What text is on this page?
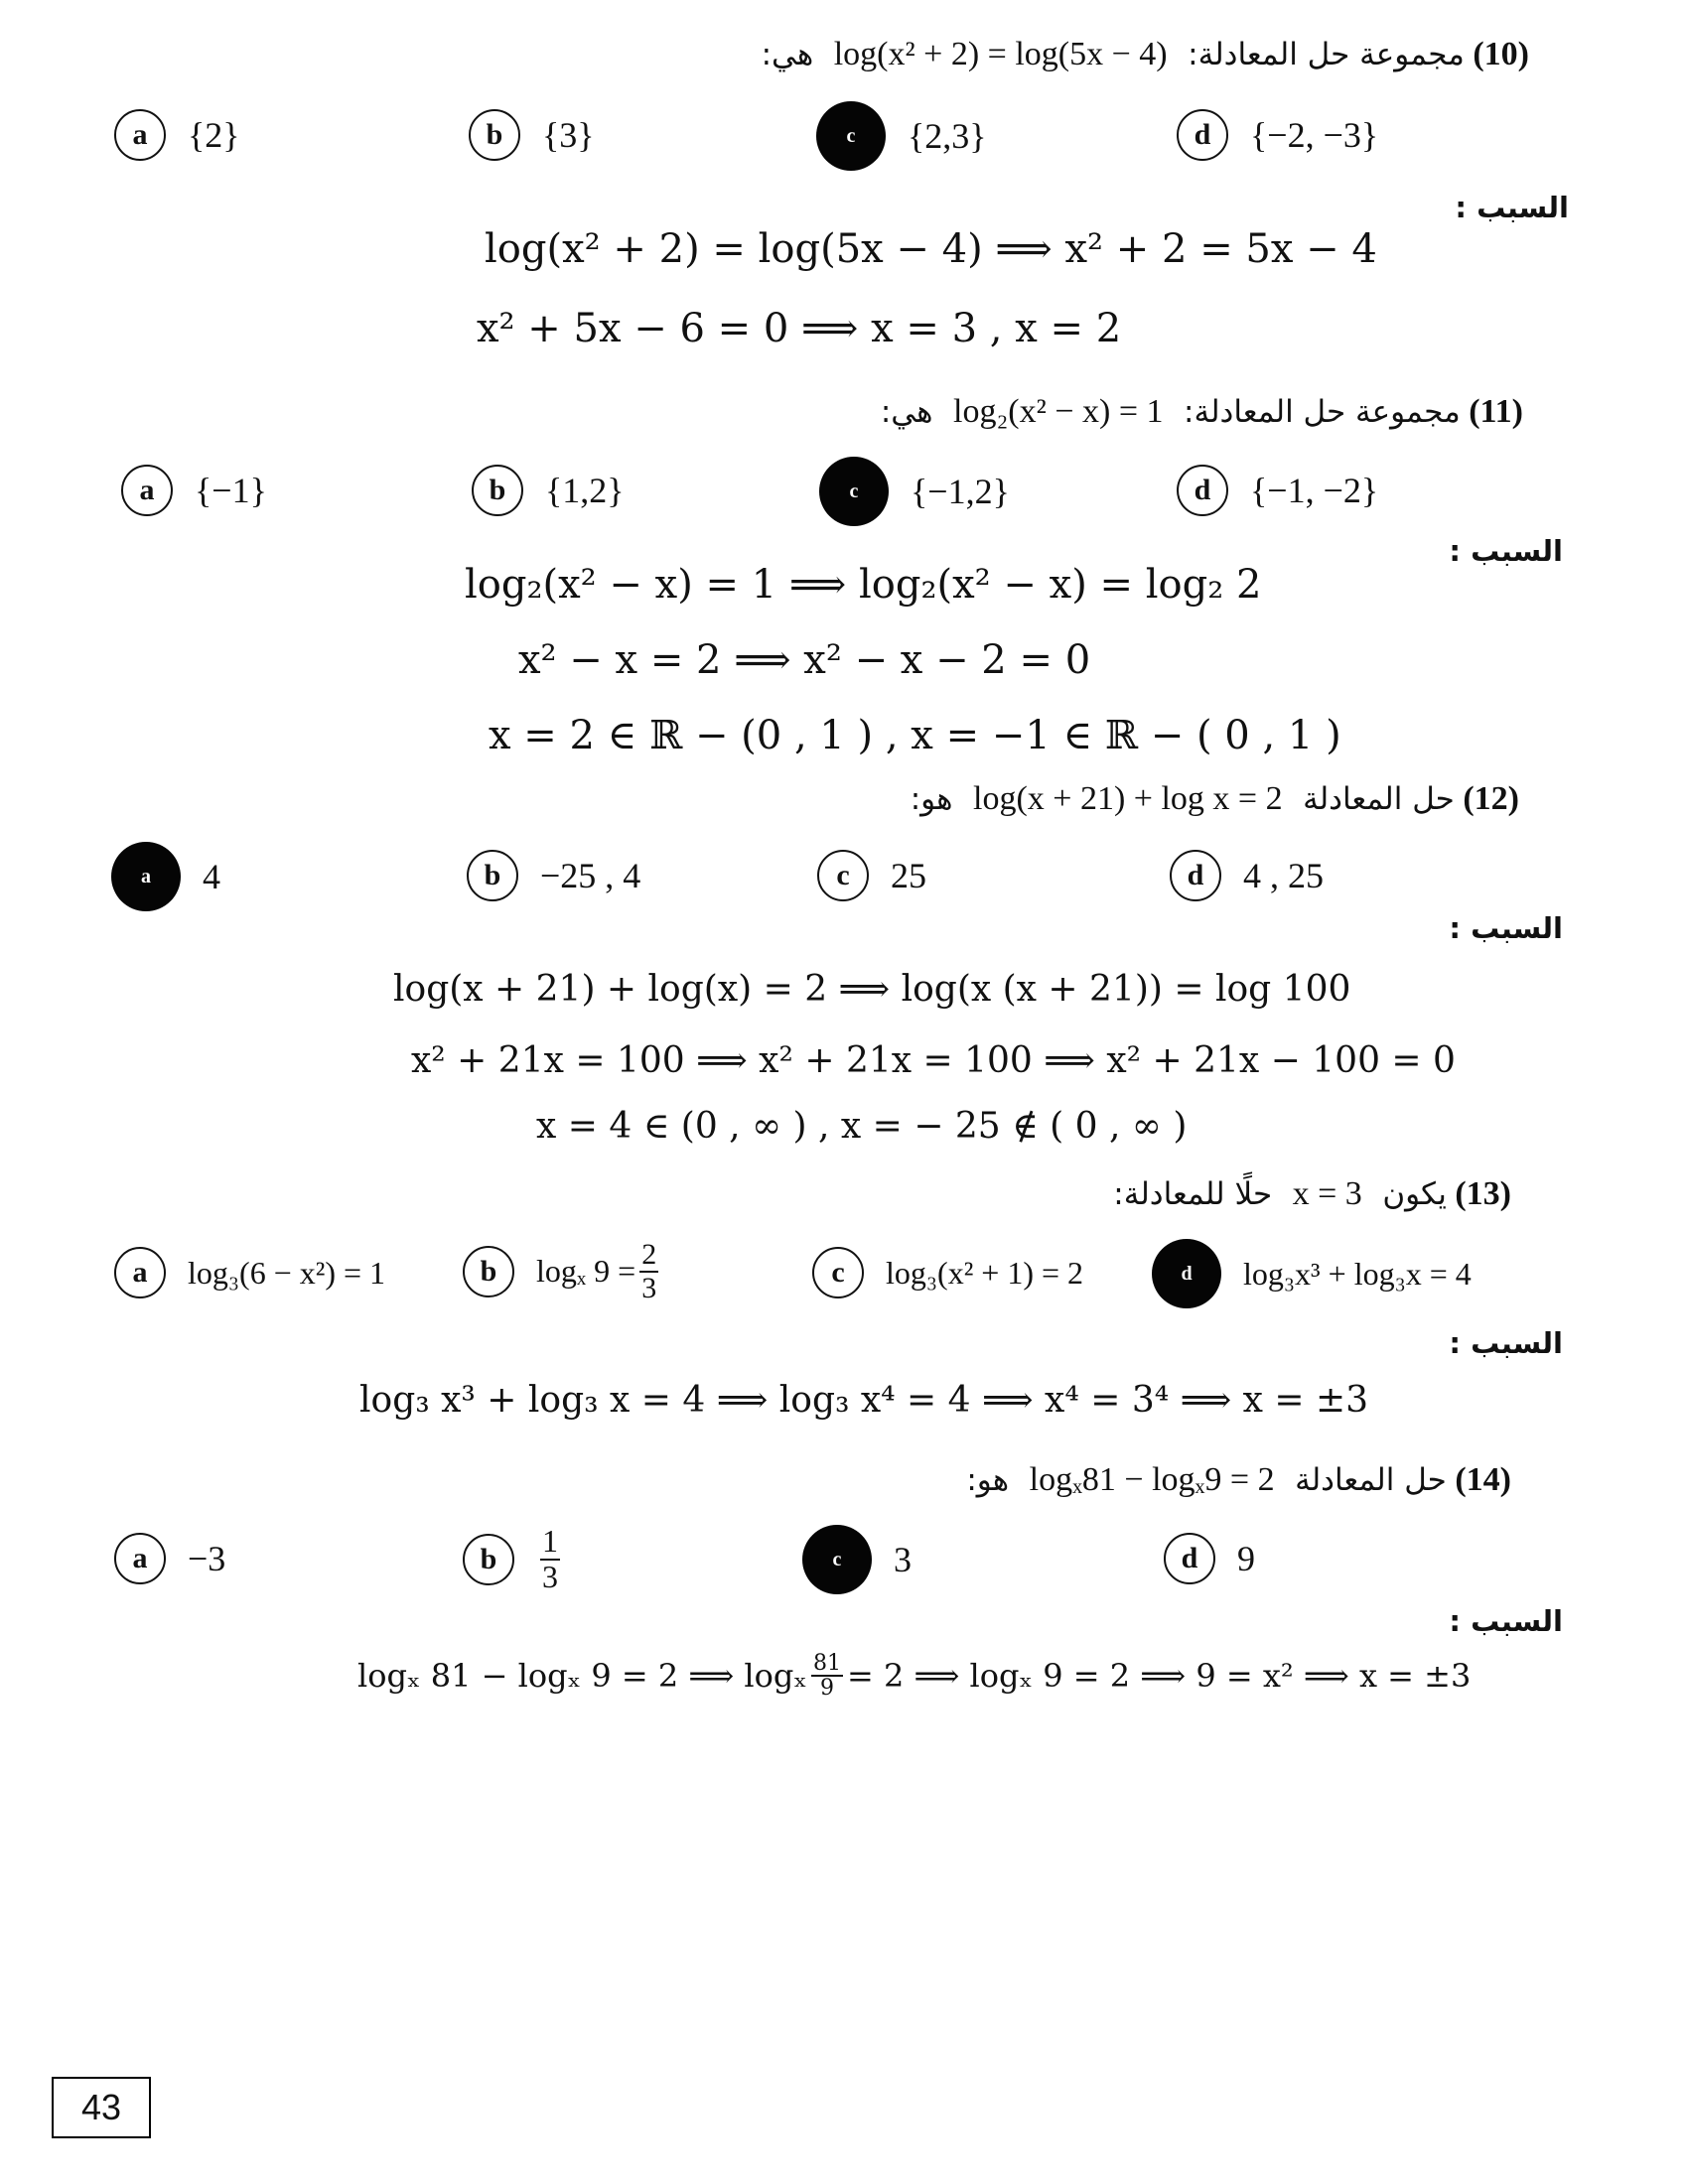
(10) مجموعة حل المعادلة: log(x² + 2) = log(5x − 4) هي:
a	{2}	b	{3}	c	{2,3}	d	{−2, −3}
السبب :
log(x² + 2) = log(5x − 4) ⟹ x² + 2 = 5x − 4
x² + 5x − 6 = 0 ⟹ x = 3 , x = 2
(11) مجموعة حل المعادلة: log₂(x² − x) = 1 هي:
a	{−1}	b	{1,2}	c	{−1,2}	d	{−1, −2}
السبب :
log₂(x² − x) = 1 ⟹ log₂(x² − x) = log₂ 2
x² − x = 2 ⟹ x² − x − 2 = 0
x = 2 ∈ ℝ − (0 , 1 ) , x = −1 ∈ ℝ − ( 0 , 1 )
(12) حل المعادلة log(x + 21) + log x = 2 هو:
a	4	b	−25 , 4	c	25	d	4 , 25
السبب :
log(x + 21) + log(x) = 2 ⟹ log(x (x + 21)) = log 100
x² + 21x = 100 ⟹ x² + 21x = 100 ⟹ x² + 21x − 100 = 0
x = 4 ∈ (0 , ∞ ) , x = − 25 ∉ ( 0 , ∞ )
(13) يكون x = 3 حلًا للمعادلة:
a	log₃(6 − x²) = 1	b	logₓ $9 = \frac{2}{3}$	c	log₃(x² + 1) = 2	d	log₃x³ + log₃x = 4
السبب :
log₃ x³ + log₃ x = 4 ⟹ log₃ x⁴ = 4 ⟹ x⁴ = 3⁴ ⟹ x = ±3
(14) حل المعادلة logₓ81 − logₓ9 = 2 هو:
a	−3	b	$\frac{1}{3}$	c	3	d	9
السبب :
logₓ 81 − logₓ 9 = 2 ⟹ logₓ $\frac{81}{9} = 2$ ⟹ logₓ 9 = 2 ⟹ 9 = x² ⟹ x = ±3
43
